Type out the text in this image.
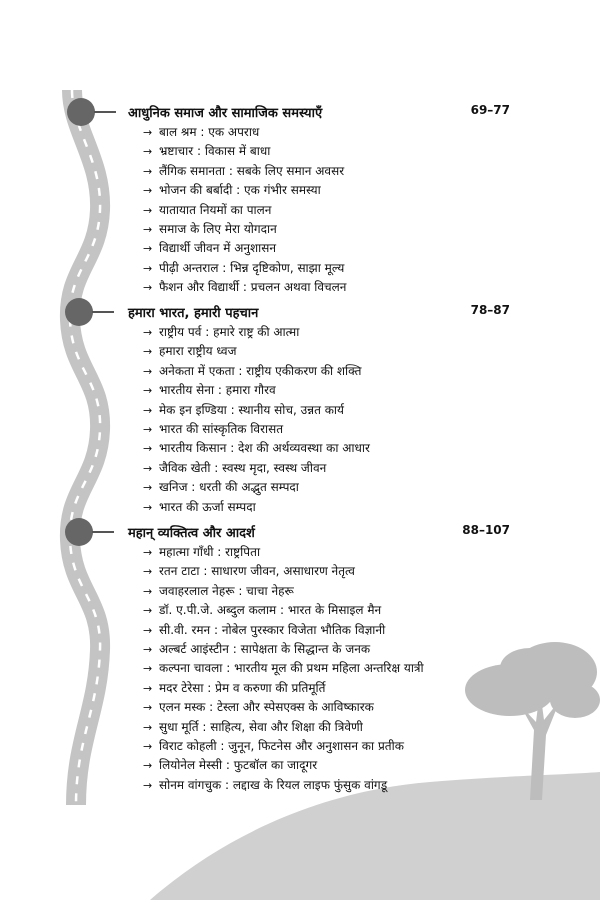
आधुनिक समाज और सामाजिक समस्याएँ	69–77
→ बाल श्रम : एक अपराध
→ भ्रष्टाचार : विकास में बाधा
→ लैंगिक समानता : सबके लिए समान अवसर
→ भोजन की बर्बादी : एक गंभीर समस्या
→ यातायात नियमों का पालन
→ समाज के लिए मेरा योगदान
→ विद्यार्थी जीवन में अनुशासन
→ पीढ़ी अन्तराल : भिन्न दृष्टिकोण, साझा मूल्य
→ फैशन और विद्यार्थी : प्रचलन अथवा विचलन
हमारा भारत, हमारी पहचान	78–87
→ राष्ट्रीय पर्व : हमारे राष्ट्र की आत्मा
→ हमारा राष्ट्रीय ध्वज
→ अनेकता में एकता : राष्ट्रीय एकीकरण की शक्ति
→ भारतीय सेना : हमारा गौरव
→ मेक इन इण्डिया : स्थानीय सोच, उन्नत कार्य
→ भारत की सांस्कृतिक विरासत
→ भारतीय किसान : देश की अर्थव्यवस्था का आधार
→ जैविक खेती : स्वस्थ मृदा, स्वस्थ जीवन
→ खनिज : धरती की अद्भुत सम्पदा
→ भारत की ऊर्जा सम्पदा
महान् व्यक्तित्व और आदर्श	88–107
→ महात्मा गाँधी : राष्ट्रपिता
→ रतन टाटा : साधारण जीवन, असाधारण नेतृत्व
→ जवाहरलाल नेहरू : चाचा नेहरू
→ डॉ. ए.पी.जे. अब्दुल कलाम : भारत के मिसाइल मैन
→ सी.वी. रमन : नोबेल पुरस्कार विजेता भौतिक विज्ञानी
→ अल्बर्ट आइंस्टीन : सापेक्षता के सिद्धान्त के जनक
→ कल्पना चावला : भारतीय मूल की प्रथम महिला अन्तरिक्ष यात्री
→ मदर टेरेसा : प्रेम व करुणा की प्रतिमूर्ति
→ एलन मस्क : टेस्ला और स्पेसएक्स के आविष्कारक
→ सुधा मूर्ति : साहित्य, सेवा और शिक्षा की त्रिवेणी
→ विराट कोहली : जुनून, फिटनेस और अनुशासन का प्रतीक
→ लियोनेल मेस्सी : फुटबॉल का जादूगर
→ सोनम वांगचुक : लद्दाख के रियल लाइफ फुंसुक वांगडू
